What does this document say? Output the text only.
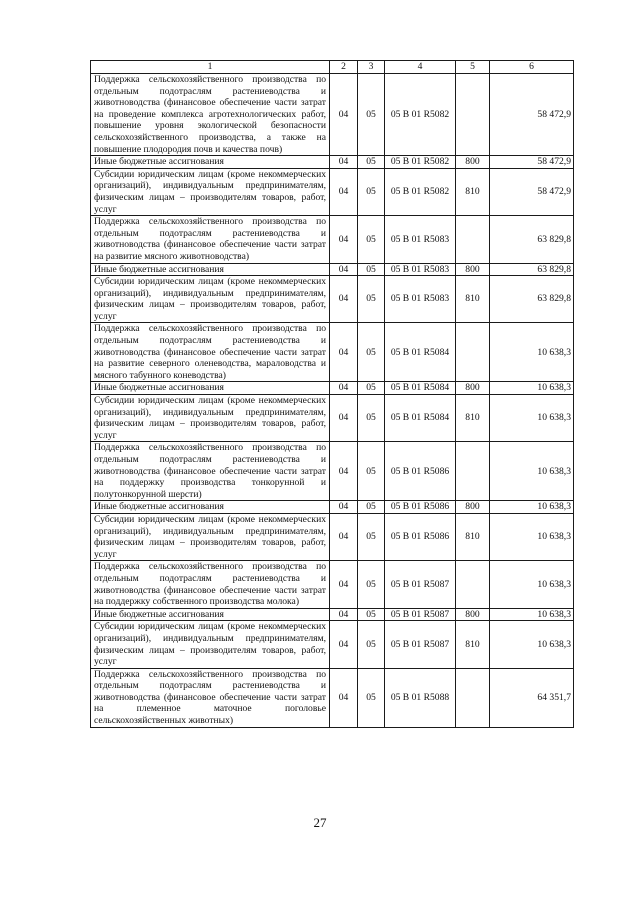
1	2	3	4	5	6
Поддержка сельскохозяйственного производства по отдельным подотраслям растениеводства и животноводства (финансовое обеспечение части затрат на проведение комплекса агротехнологических работ, повышение уровня экологической безопасности сельскохозяйственного производства, а также на повышение плодородия почв и качества почв)	04	05	05 В 01 R5082		58 472,9
Иные бюджетные ассигнования	04	05	05 В 01 R5082	800	58 472,9
Субсидии юридическим лицам (кроме некоммерческих организаций), индивидуальным предпринимателям, физическим лицам – производителям товаров, работ, услуг	04	05	05 В 01 R5082	810	58 472,9
Поддержка сельскохозяйственного производства по отдельным подотраслям растениеводства и животноводства (финансовое обеспечение части затрат на развитие мясного животноводства)	04	05	05 В 01 R5083		63 829,8
Иные бюджетные ассигнования	04	05	05 В 01 R5083	800	63 829,8
Субсидии юридическим лицам (кроме некоммерческих организаций), индивидуальным предпринимателям, физическим лицам – производителям товаров, работ, услуг	04	05	05 В 01 R5083	810	63 829,8
Поддержка сельскохозяйственного производства по отдельным подотраслям растениеводства и животноводства (финансовое обеспечение части затрат на развитие северного оленеводства, мараловодства и мясного табунного коневодства)	04	05	05 В 01 R5084		10 638,3
Иные бюджетные ассигнования	04	05	05 В 01 R5084	800	10 638,3
Субсидии юридическим лицам (кроме некоммерческих организаций), индивидуальным предпринимателям, физическим лицам – производителям товаров, работ, услуг	04	05	05 В 01 R5084	810	10 638,3
Поддержка сельскохозяйственного производства по отдельным подотраслям растениеводства и животноводства (финансовое обеспечение части затрат на поддержку производства тонкорунной и полутонкорунной шерсти)	04	05	05 В 01 R5086		10 638,3
Иные бюджетные ассигнования	04	05	05 В 01 R5086	800	10 638,3
Субсидии юридическим лицам (кроме некоммерческих организаций), индивидуальным предпринимателям, физическим лицам – производителям товаров, работ, услуг	04	05	05 В 01 R5086	810	10 638,3
Поддержка сельскохозяйственного производства по отдельным подотраслям растениеводства и животноводства (финансовое обеспечение части затрат на поддержку собственного производства молока)	04	05	05 В 01 R5087		10 638,3
Иные бюджетные ассигнования	04	05	05 В 01 R5087	800	10 638,3
Субсидии юридическим лицам (кроме некоммерческих организаций), индивидуальным предпринимателям, физическим лицам – производителям товаров, работ, услуг	04	05	05 В 01 R5087	810	10 638,3
Поддержка сельскохозяйственного производства по отдельным подотраслям растениеводства и животноводства (финансовое обеспечение части затрат на племенное маточное поголовье сельскохозяйственных животных)	04	05	05 В 01 R5088		64 351,7
27
